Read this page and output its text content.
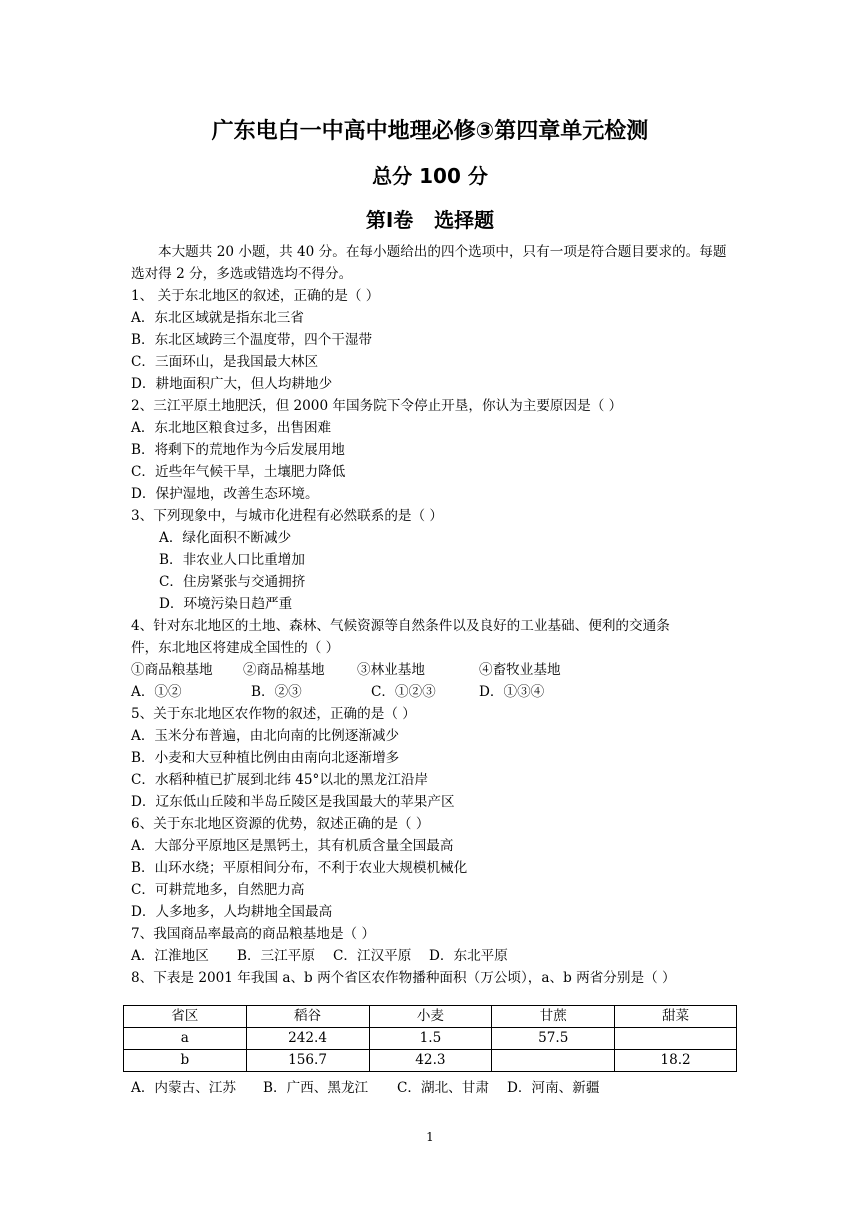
广东电白一中高中地理必修③第四章单元检测
总分 100 分
第Ⅰ卷   选择题
本大题共 20 小题，共 40 分。在每小题给出的四个选项中，只有一项是符合题目要求的。每题选对得 2 分，多选或错选均不得分。
1、 关于东北地区的叙述，正确的是（ ）
A．东北区域就是指东北三省
B．东北区域跨三个温度带，四个干湿带
C．三面环山，是我国最大林区
D．耕地面积广大，但人均耕地少
2、三江平原土地肥沃，但 2000 年国务院下令停止开垦，你认为主要原因是（ ）
A．东北地区粮食过多，出售困难
B．将剩下的荒地作为今后发展用地
C．近些年气候干旱，土壤肥力降低
D．保护湿地，改善生态环境。
3、下列现象中，与城市化进程有必然联系的是（ ）
A．绿化面积不断减少
B．非农业人口比重增加
C．住房紧张与交通拥挤
D．环境污染日趋严重
4、针对东北地区的土地、森林、气候资源等自然条件以及良好的工业基础、便利的交通条
件，东北地区将建成全国性的（ ）
①商品粮基地 ②商品棉基地 ③林业基地	④畜牧业基地
A．①②	B．②③	C．①②③	D．①③④
5、关于东北地区农作物的叙述，正确的是（ ）
A．玉米分布普遍，由北向南的比例逐渐减少
B．小麦和大豆种植比例由由南向北逐渐增多
C．水稻种植已扩展到北纬 45°以北的黑龙江沿岸
D．辽东低山丘陵和半岛丘陵区是我国最大的苹果产区
6、关于东北地区资源的优势，叙述正确的是（ ）
A．大部分平原地区是黑钙土，其有机质含量全国最高
B．山环水绕；平原相间分布，不利于农业大规模机械化
C．可耕荒地多，自然肥力高
D．人多地多，人均耕地全国最高
7、我国商品率最高的商品粮基地是（ ）
A．江淮地区 B．三江平原 C．江汉平原 D．东北平原
8、下表是 2001 年我国 a、b 两个省区农作物播种面积（万公顷），a、b 两省分别是（ ）
省区	稻谷	小麦	甘蔗	甜菜
a	242.4	1.5	57.5	
b	156.7	42.3		18.2
A．内蒙古、江苏 B．广西、黑龙江 C．湖北、甘肃 D．河南、新疆
1
